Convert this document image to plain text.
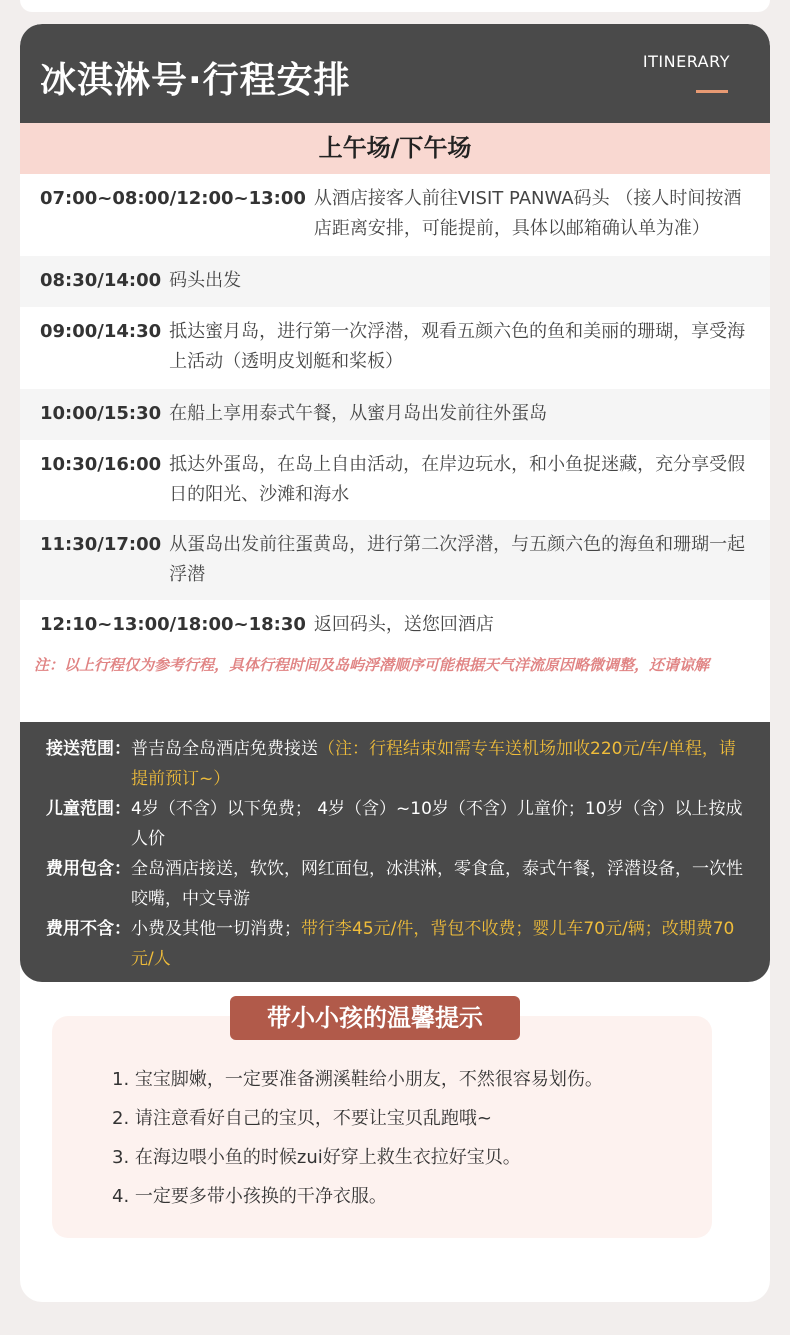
冰淇淋号·行程安排	ITINERARY
上午场/下午场
07:00~08:00/12:00~13:00 从酒店接客人前往VISIT PANWA码头 （接人时间按酒店距离安排，可能提前，具体以邮箱确认单为准）
08:30/14:00 码头出发
09:00/14:30 抵达蜜月岛，进行第一次浮潜，观看五颜六色的鱼和美丽的珊瑚，享受海上活动（透明皮划艇和桨板）
10:00/15:30 在船上享用泰式午餐，从蜜月岛出发前往外蛋岛
10:30/16:00 抵达外蛋岛，在岛上自由活动，在岸边玩水，和小鱼捉迷藏，充分享受假日的阳光、沙滩和海水
11:30/17:00 从蛋岛出发前往蛋黄岛，进行第二次浮潜，与五颜六色的海鱼和珊瑚一起浮潜
12:10~13:00/18:00~18:30 返回码头，送您回酒店
注：以上行程仅为参考行程，具体行程时间及岛屿浮潜顺序可能根据天气洋流原因略微调整，还请谅解
接送范围： 普吉岛全岛酒店免费接送（注：行程结束如需专车送机场加收220元/车/单程，请提前预订~）
儿童范围： 4岁（不含）以下免费； 4岁（含）~10岁（不含）儿童价；10岁（含）以上按成人价
费用包含： 全岛酒店接送，软饮，网红面包，冰淇淋，零食盒，泰式午餐，浮潜设备，一次性咬嘴，中文导游
费用不含： 小费及其他一切消费；带行李45元/件，背包不收费；婴儿车70元/辆；改期费70元/人
带小小孩的温馨提示
1. 宝宝脚嫩，一定要准备溯溪鞋给小朋友，不然很容易划伤。
2. 请注意看好自己的宝贝，不要让宝贝乱跑哦~
3. 在海边喂小鱼的时候zui好穿上救生衣拉好宝贝。
4. 一定要多带小孩换的干净衣服。
